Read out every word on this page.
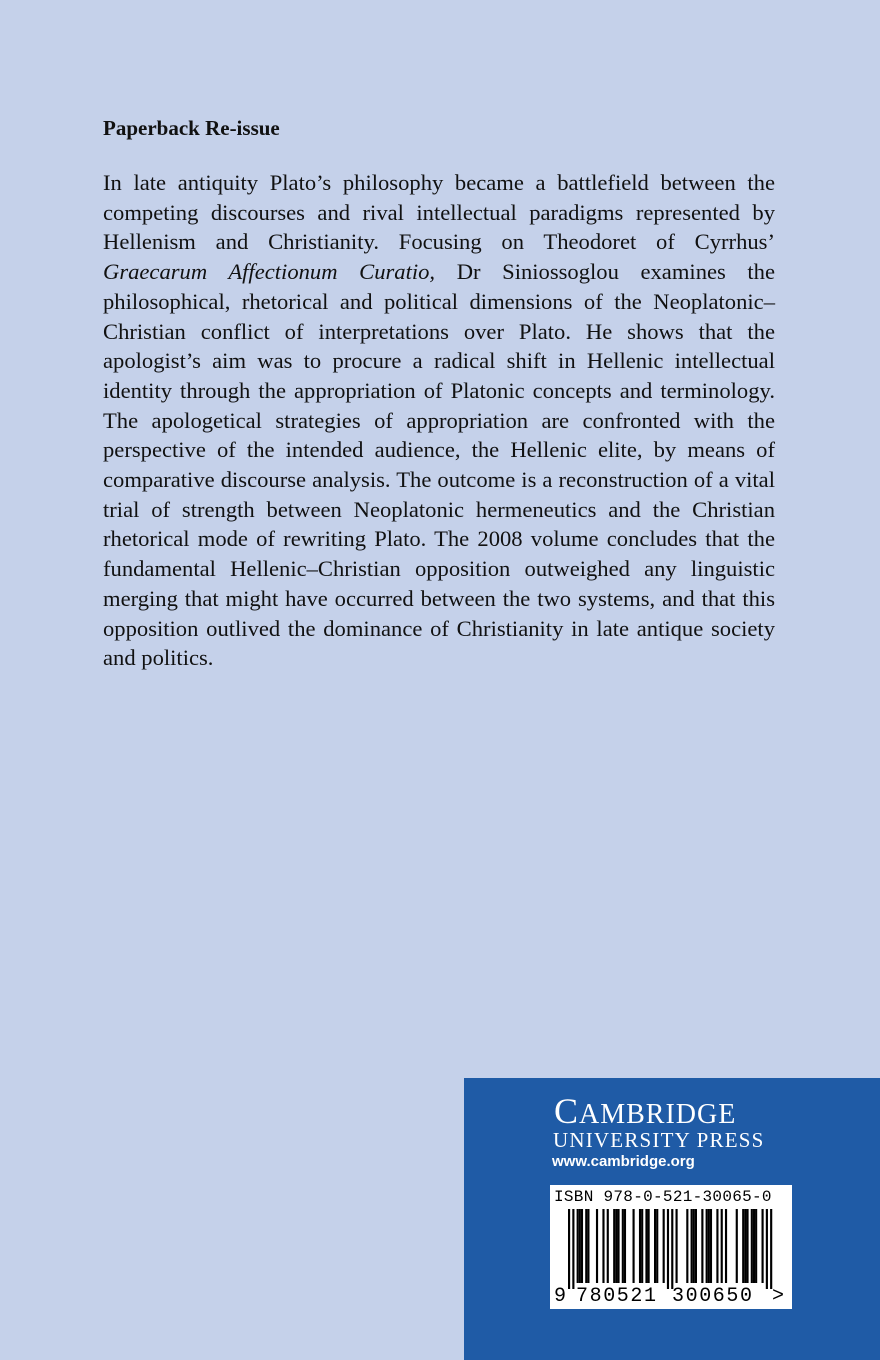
Paperback Re-issue

In late antiquity Plato’s philosophy became a battlefield between the competing discourses and rival intellectual paradigms represented by Hellenism and Christianity. Focusing on Theodoret of Cyrrhus’ Graecarum Affectionum Curatio, Dr Siniossoglou examines the philosophical, rhetorical and political dimensions of the Neoplatonic–Christian conflict of interpretations over Plato. He shows that the apologist’s aim was to procure a radical shift in Hellenic intellectual identity through the appropriation of Platonic concepts and terminology. The apologetical strategies of appropriation are confronted with the perspective of the intended audience, the Hellenic elite, by means of comparative discourse analysis. The outcome is a reconstruction of a vital trial of strength between Neoplatonic hermeneutics and the Christian rhetorical mode of rewriting Plato. The 2008 volume concludes that the fundamental Hellenic–Christian opposition outweighed any linguistic merging that might have occurred between the two systems, and that this opposition outlived the dominance of Christianity in late antique society and politics.

CAMBRIDGE

UNIVERSITY PRESS

www.cambridge.org

ISBN 978-0-521-30065-0

9 780521 300650 >
